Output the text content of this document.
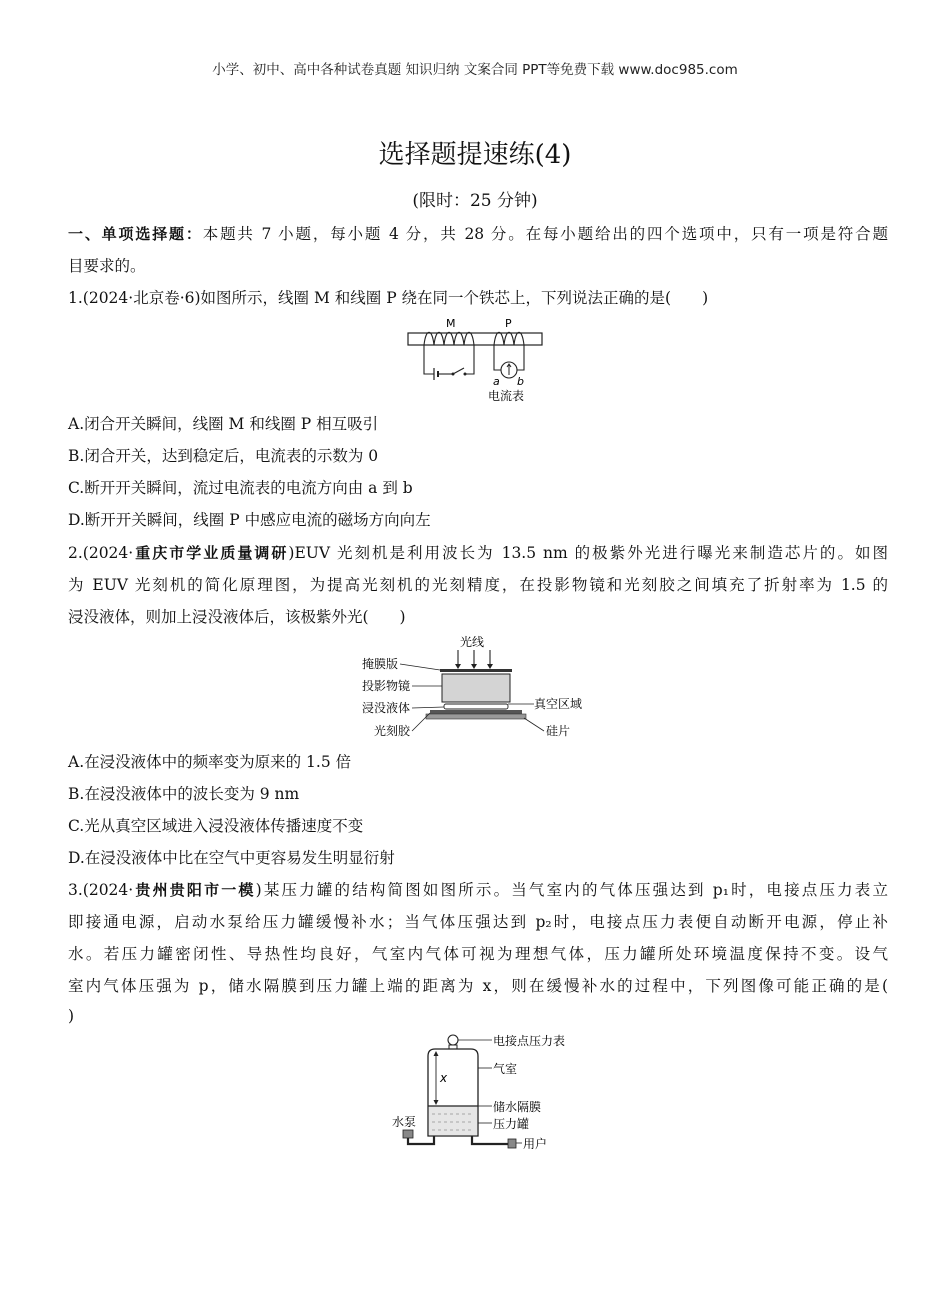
小学、初中、高中各种试卷真题 知识归纳 文案合同 PPT等免费下载 www.doc985.com
选择题提速练(4)
(限时：25 分钟)
一、单项选择题：本题共 7 小题，每小题 4 分，共 28 分。在每小题给出的四个选项中，只有一项是符合题
目要求的。
1.(2024·北京卷·6)如图所示，线圈 M 和线圈 P 绕在同一个铁芯上，下列说法正确的是(　　)
M	P
a b
电流表
A.闭合开关瞬间，线圈 M 和线圈 P 相互吸引
B.闭合开关，达到稳定后，电流表的示数为 0
C.断开开关瞬间，流过电流表的电流方向由 a 到 b
D.断开开关瞬间，线圈 P 中感应电流的磁场方向向左
2.(2024·重庆市学业质量调研)EUV 光刻机是利用波长为 13.5 nm 的极紫外光进行曝光来制造芯片的。如图
为 EUV 光刻机的简化原理图，为提高光刻机的光刻精度，在投影物镜和光刻胶之间填充了折射率为 1.5 的
浸没液体，则加上浸没液体后，该极紫外光(　　)
光线
掩膜版
投影物镜
浸没液体
光刻胶
真空区域
硅片
A.在浸没液体中的频率变为原来的 1.5 倍
B.在浸没液体中的波长变为 9 nm
C.光从真空区域进入浸没液体传播速度不变
D.在浸没液体中比在空气中更容易发生明显衍射
3.(2024·贵州贵阳市一模)某压力罐的结构简图如图所示。当气室内的气体压强达到 p₁时，电接点压力表立
即接通电源，启动水泵给压力罐缓慢补水；当气体压强达到 p₂时，电接点压力表便自动断开电源，停止补
水。若压力罐密闭性、导热性均良好，气室内气体可视为理想气体，压力罐所处环境温度保持不变。设气
室内气体压强为 p，储水隔膜到压力罐上端的距离为 x，则在缓慢补水的过程中，下列图像可能正确的是(
)
电接点压力表
x
气室
储水隔膜
压力罐
水泵
用户
